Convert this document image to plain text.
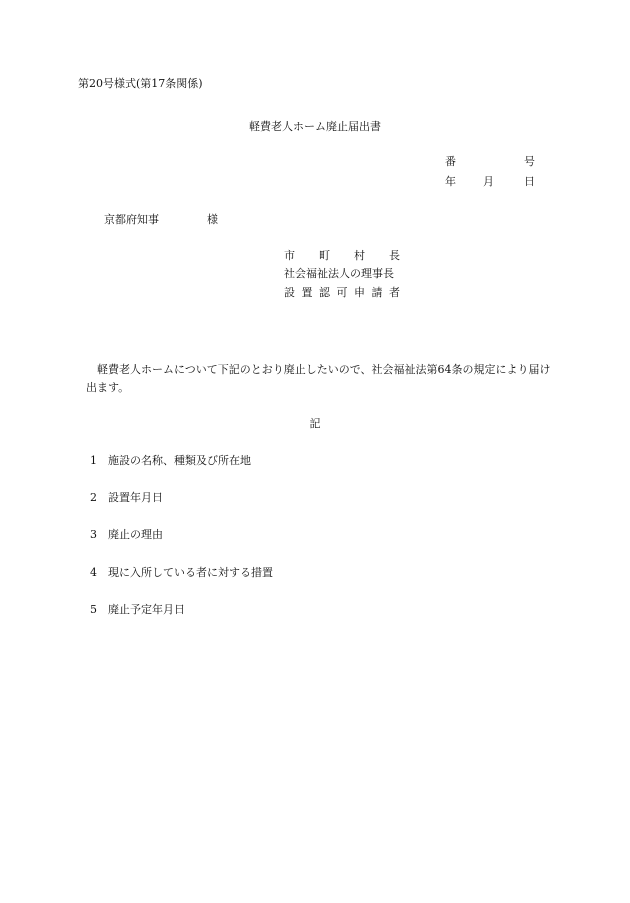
第20号様式(第17条関係)
軽費老人ホーム廃止届出書
番	号
年 月	日
京都府知事	様
市 町 村 長
社会福祉法人の理事長
設 置 認 可 申 請 者
軽費老人ホームについて下記のとおり廃止したいので、社会福祉法第64条の規定により届け出ます。
記
1 施設の名称、種類及び所在地
2 設置年月日
3 廃止の理由
4 現に入所している者に対する措置
5 廃止予定年月日
